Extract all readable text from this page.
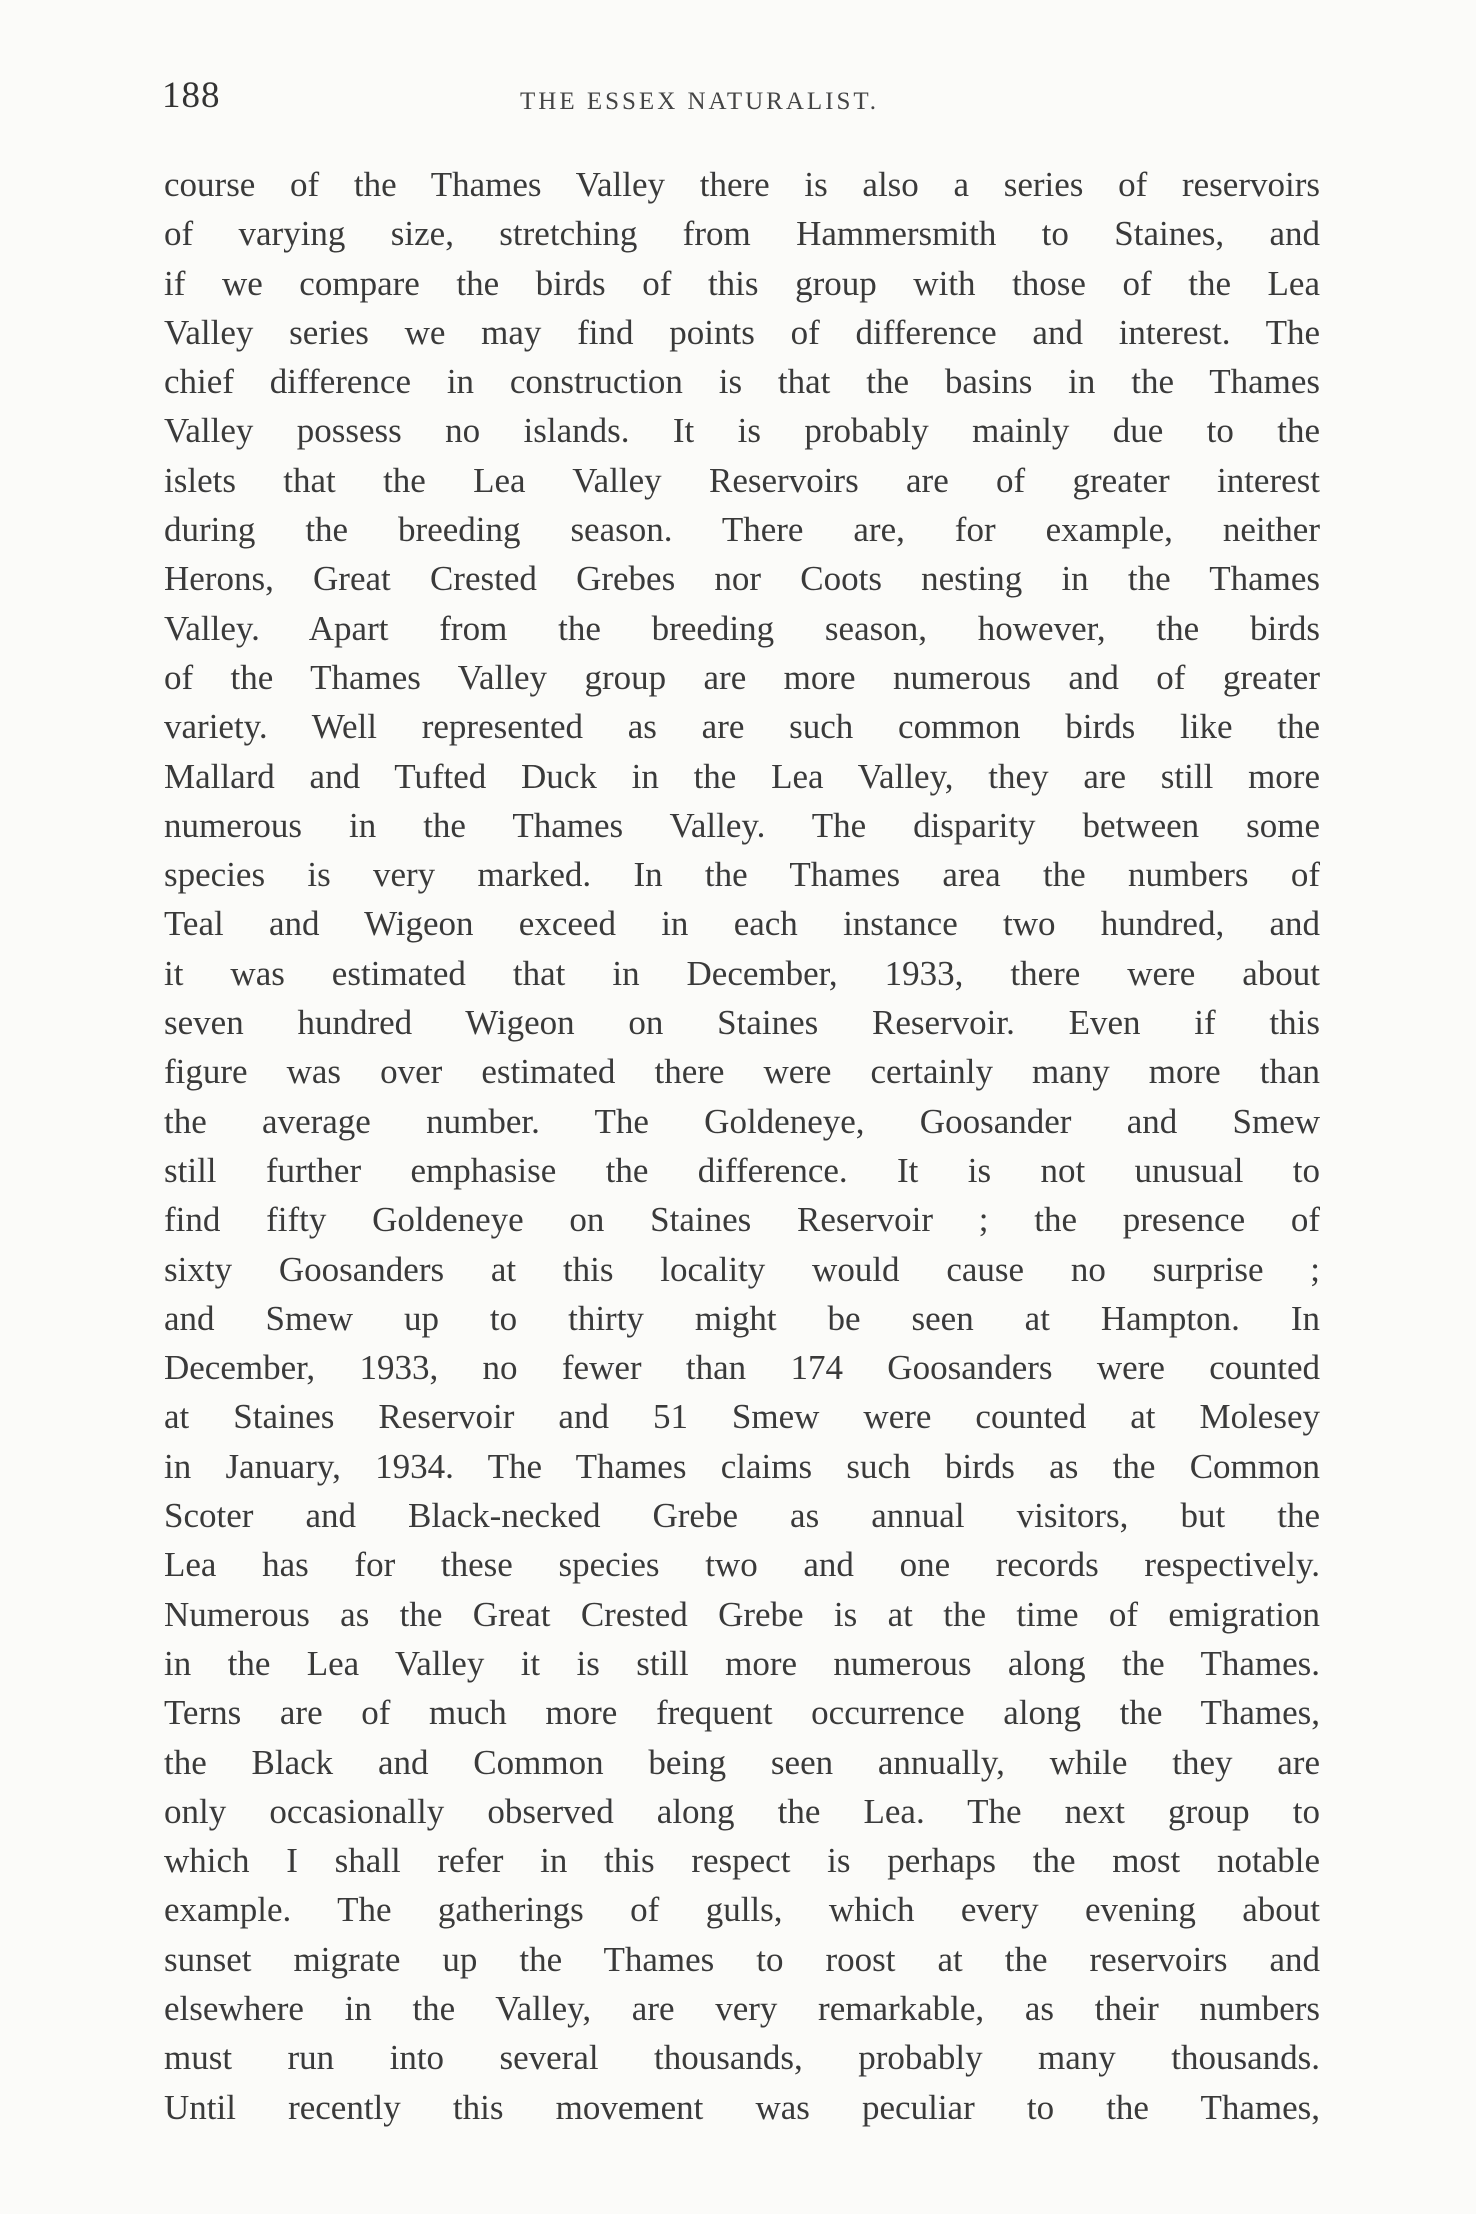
188	THE ESSEX NATURALIST.
course of the Thames Valley there is also a series of reservoirs
of varying size, stretching from Hammersmith to Staines, and
if we compare the birds of this group with those of the Lea
Valley series we may find points of difference and interest. The
chief difference in construction is that the basins in the Thames
Valley possess no islands. It is probably mainly due to the
islets that the Lea Valley Reservoirs are of greater interest
during the breeding season. There are, for example, neither
Herons, Great Crested Grebes nor Coots nesting in the Thames
Valley. Apart from the breeding season, however, the birds
of the Thames Valley group are more numerous and of greater
variety. Well represented as are such common birds like the
Mallard and Tufted Duck in the Lea Valley, they are still more
numerous in the Thames Valley. The disparity between some
species is very marked. In the Thames area the numbers of
Teal and Wigeon exceed in each instance two hundred, and
it was estimated that in December, 1933, there were about
seven hundred Wigeon on Staines Reservoir. Even if this
figure was over estimated there were certainly many more than
the average number. The Goldeneye, Goosander and Smew
still further emphasise the difference. It is not unusual to
find fifty Goldeneye on Staines Reservoir ; the presence of
sixty Goosanders at this locality would cause no surprise ;
and Smew up to thirty might be seen at Hampton. In
December, 1933, no fewer than 174 Goosanders were counted
at Staines Reservoir and 51 Smew were counted at Molesey
in January, 1934. The Thames claims such birds as the Common
Scoter and Black-necked Grebe as annual visitors, but the
Lea has for these species two and one records respectively.
Numerous as the Great Crested Grebe is at the time of emigration
in the Lea Valley it is still more numerous along the Thames.
Terns are of much more frequent occurrence along the Thames,
the Black and Common being seen annually, while they are
only occasionally observed along the Lea. The next group to
which I shall refer in this respect is perhaps the most notable
example. The gatherings of gulls, which every evening about
sunset migrate up the Thames to roost at the reservoirs and
elsewhere in the Valley, are very remarkable, as their numbers
must run into several thousands, probably many thousands.
Until recently this movement was peculiar to the Thames,
